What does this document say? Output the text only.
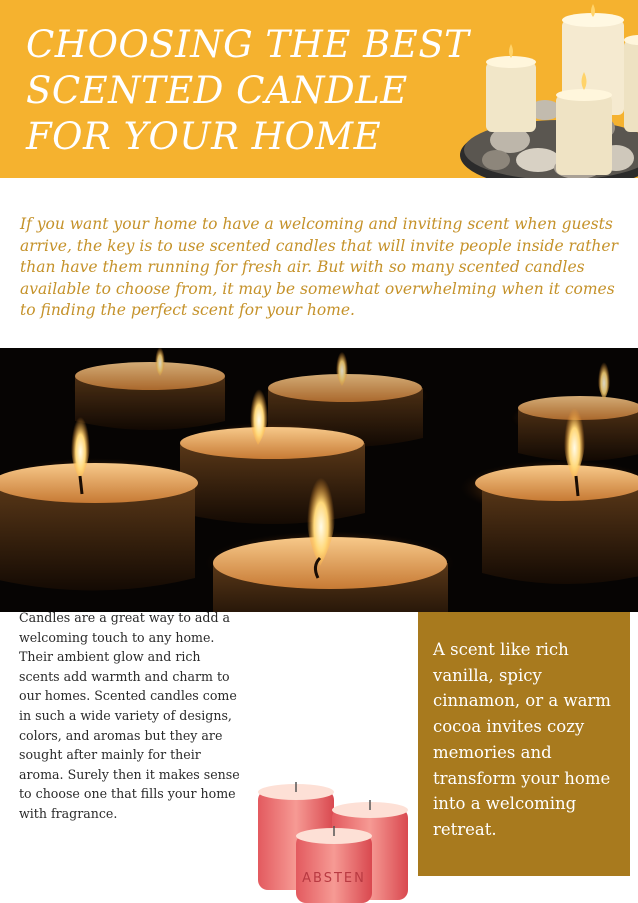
CHOOSING THE BEST
SCENTED CANDLE
FOR YOUR HOME

If you want your home to have a welcoming and inviting scent when guests arrive, the key is to use scented candles that will invite people inside rather than have them running for fresh air. But with so many scented candles available to choose from, it may be somewhat overwhelming when it comes to finding the perfect scent for your home.

Candles are a great way to add a welcoming touch to any home. Their ambient glow and rich scents add warmth and charm to our homes. Scented candles come in such a wide variety of designs, colors, and aromas but they are sought after mainly for their aroma. Surely then it makes sense to choose one that fills your home with fragrance.

ABSTEN

A scent like rich vanilla, spicy cinnamon, or a warm cocoa invites cozy memories and transform your home into a welcoming retreat.
